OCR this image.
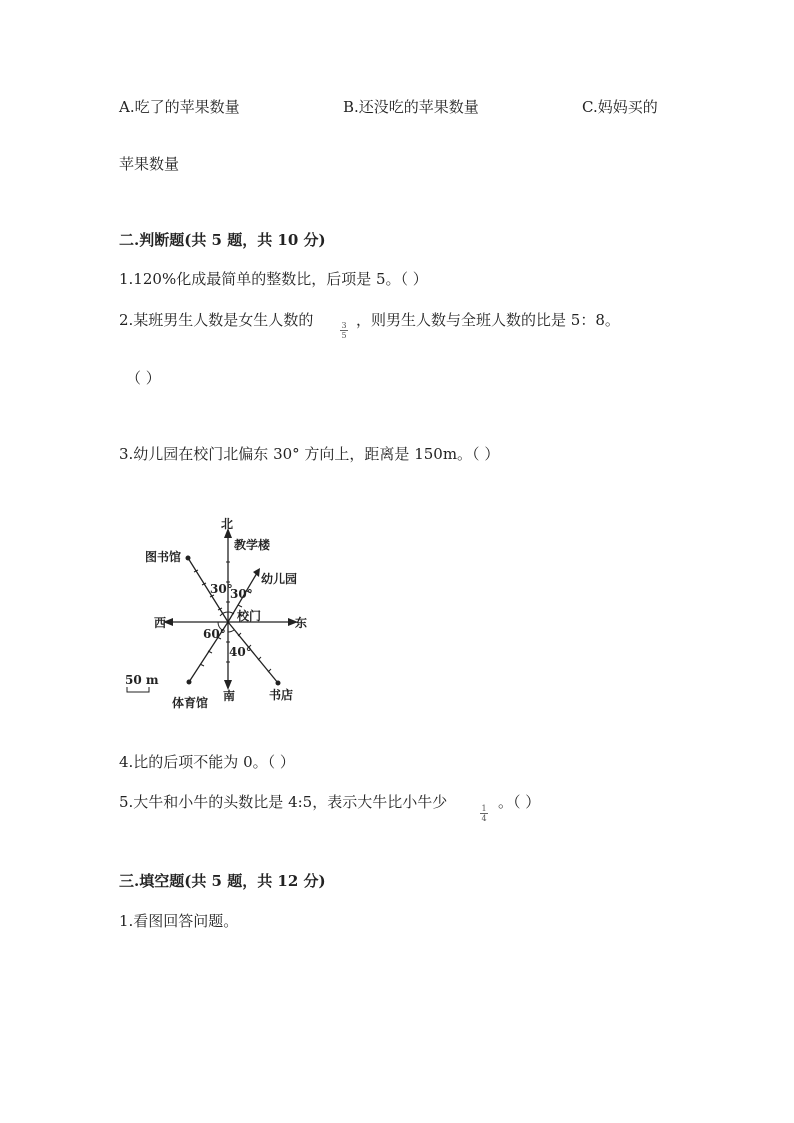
A.吃了的苹果数量	B.还没吃的苹果数量	C.妈妈买的
苹果数量
二.判断题(共 5 题，共 10 分)
1.120%化成最简单的整数比，后项是 5。（ ）
2.某班男生人数是女生人数的	3
5
，则男生人数与全班人数的比是 5：8。
（ ）
3.幼儿园在校门北偏东 30° 方向上，距离是 150m。（ ）
北
教学楼
图书馆
幼儿园
30°
30°
校门
西	东
60°
40°
50 m
体育馆 南	书店
4.比的后项不能为 0。（ ）
5.大牛和小牛的头数比是 4:5，表示大牛比小牛少	1
4
。（ ）
三.填空题(共 5 题，共 12 分)
1.看图回答问题。
